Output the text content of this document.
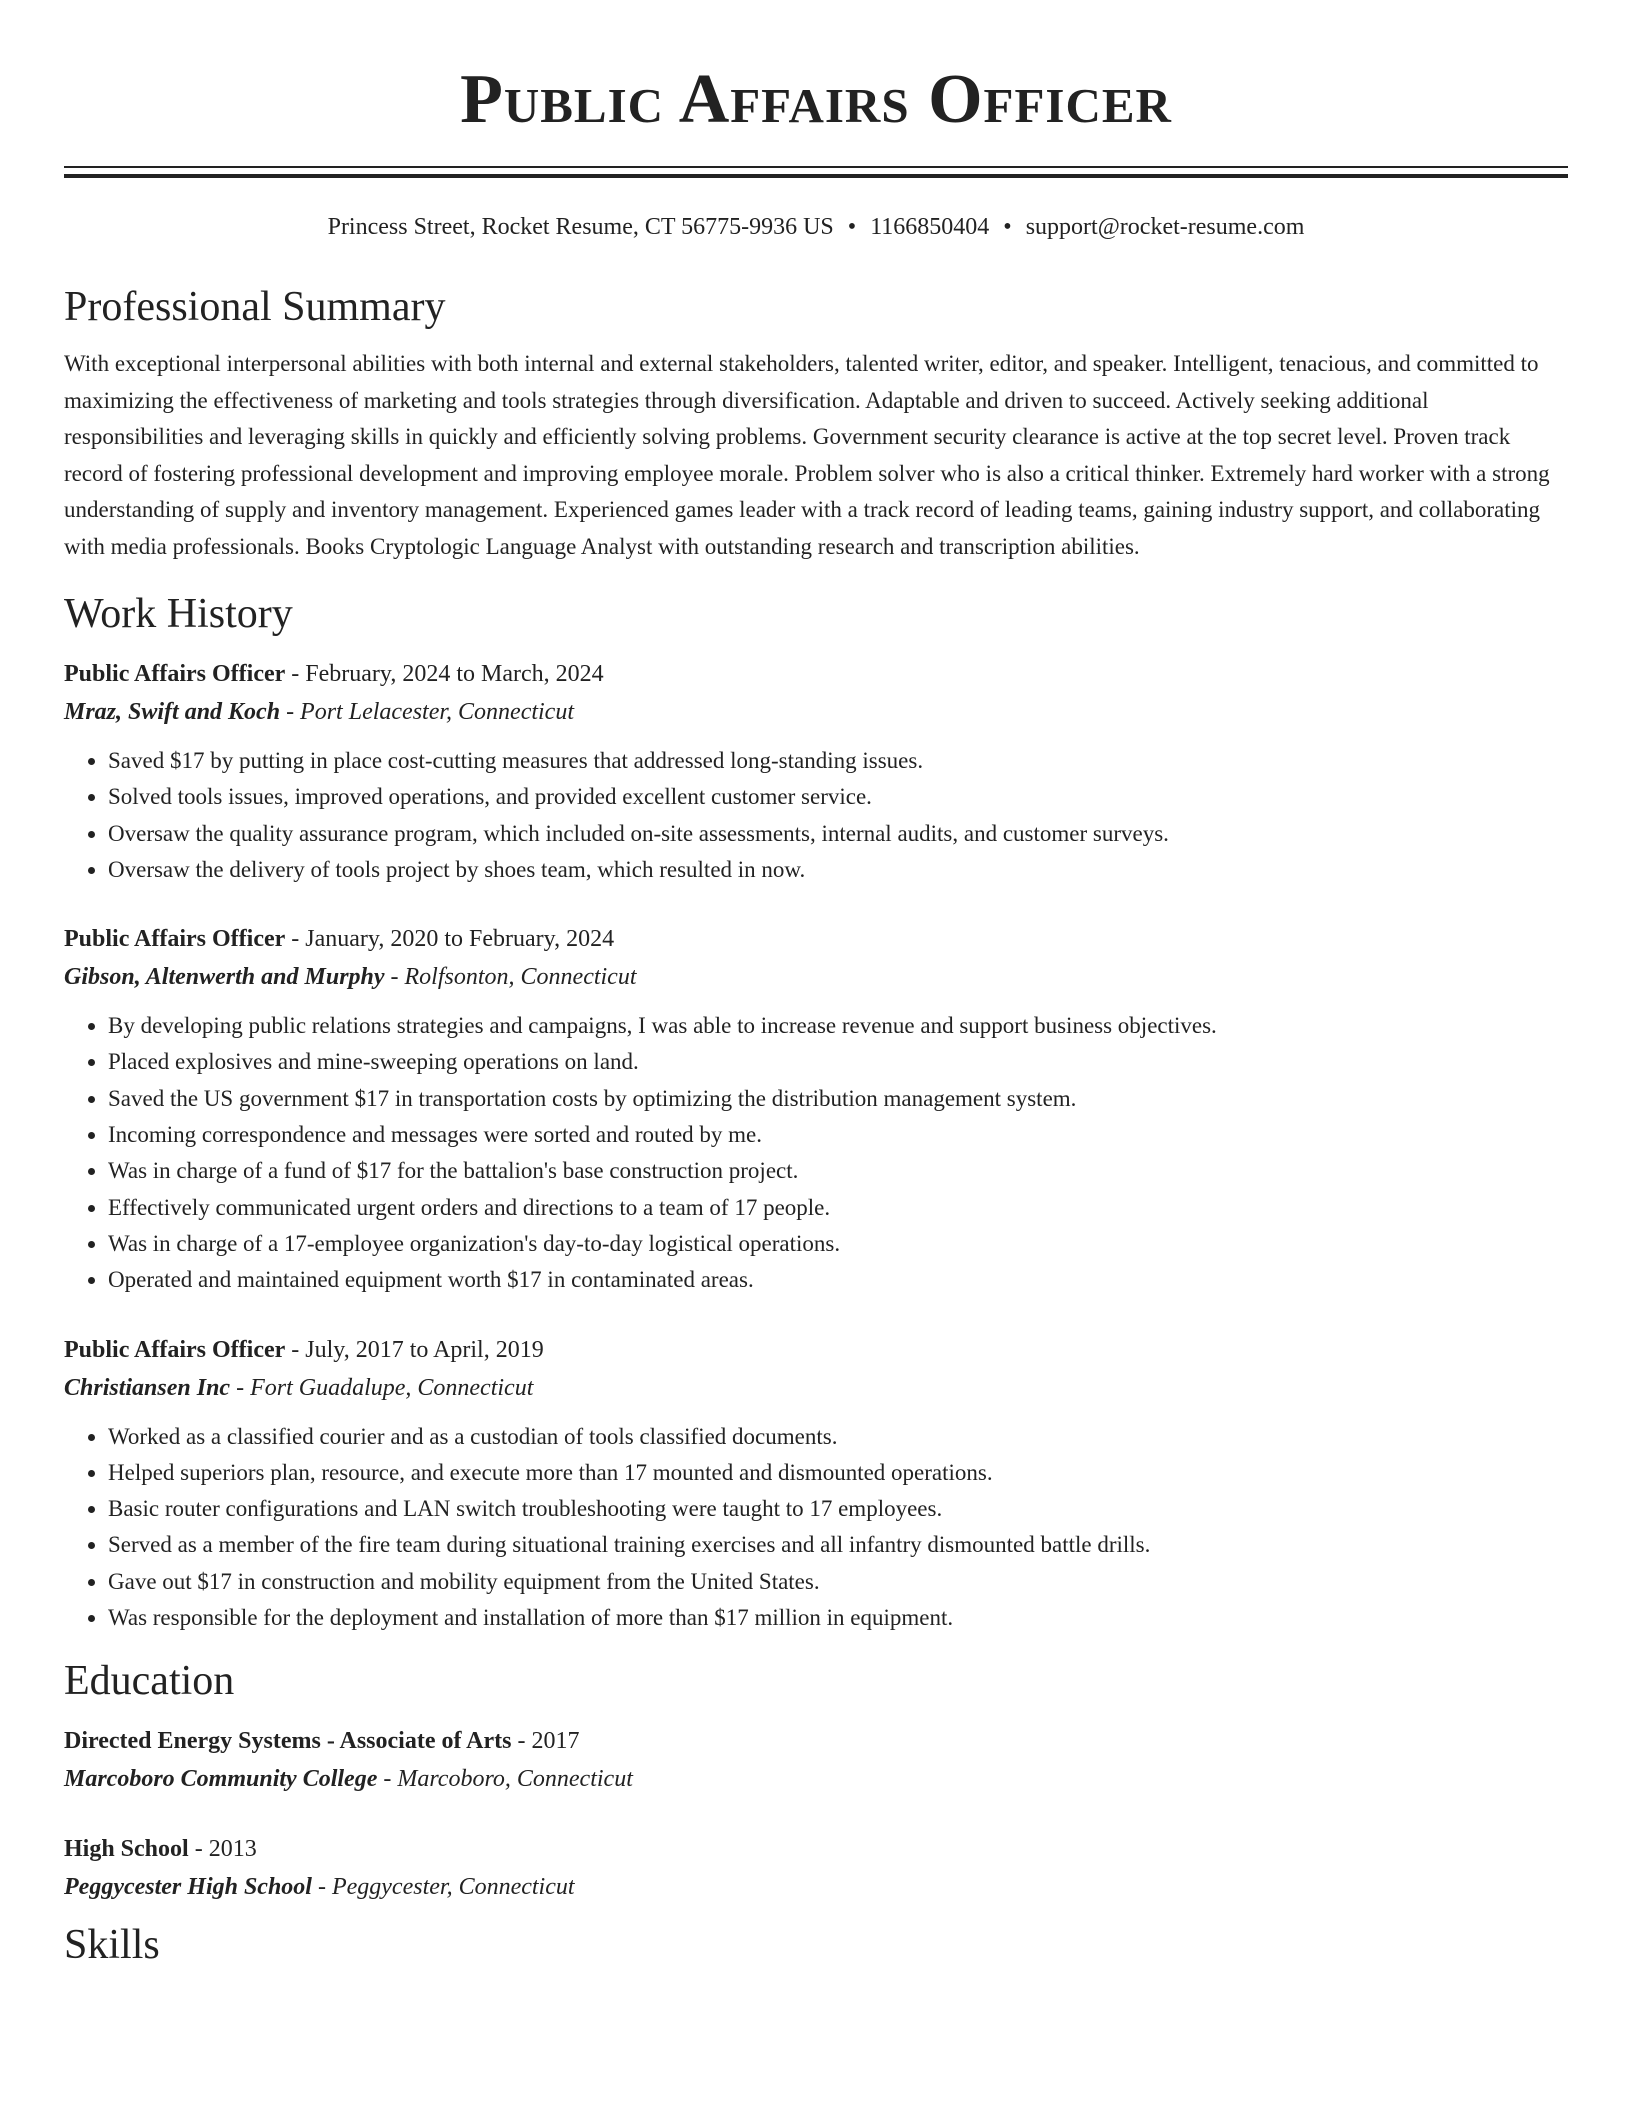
Public Affairs Officer
Princess Street, Rocket Resume, CT 56775-9936 US • 1166850404 • support@rocket-resume.com
Professional Summary

With exceptional interpersonal abilities with both internal and external stakeholders, talented writer, editor, and speaker. Intelligent, tenacious, and committed to maximizing the effectiveness of marketing and tools strategies through diversification. Adaptable and driven to succeed. Actively seeking additional responsibilities and leveraging skills in quickly and efficiently solving problems. Government security clearance is active at the top secret level. Proven track record of fostering professional development and improving employee morale. Problem solver who is also a critical thinker. Extremely hard worker with a strong understanding of supply and inventory management. Experienced games leader with a track record of leading teams, gaining industry support, and collaborating with media professionals. Books Cryptologic Language Analyst with outstanding research and transcription abilities.

Work History
Public Affairs Officer - February, 2024 to March, 2024
Mraz, Swift and Koch - Port Lelacester, Connecticut
• Saved $17 by putting in place cost-cutting measures that addressed long-standing issues.
• Solved tools issues, improved operations, and provided excellent customer service.
• Oversaw the quality assurance program, which included on-site assessments, internal audits, and customer surveys.
• Oversaw the delivery of tools project by shoes team, which resulted in now.
Public Affairs Officer - January, 2020 to February, 2024
Gibson, Altenwerth and Murphy - Rolfsonton, Connecticut
• By developing public relations strategies and campaigns, I was able to increase revenue and support business objectives.
• Placed explosives and mine-sweeping operations on land.
• Saved the US government $17 in transportation costs by optimizing the distribution management system.
• Incoming correspondence and messages were sorted and routed by me.
• Was in charge of a fund of $17 for the battalion's base construction project.
• Effectively communicated urgent orders and directions to a team of 17 people.
• Was in charge of a 17-employee organization's day-to-day logistical operations.
• Operated and maintained equipment worth $17 in contaminated areas.
Public Affairs Officer - July, 2017 to April, 2019
Christiansen Inc - Fort Guadalupe, Connecticut
• Worked as a classified courier and as a custodian of tools classified documents.
• Helped superiors plan, resource, and execute more than 17 mounted and dismounted operations.
• Basic router configurations and LAN switch troubleshooting were taught to 17 employees.
• Served as a member of the fire team during situational training exercises and all infantry dismounted battle drills.
• Gave out $17 in construction and mobility equipment from the United States.
• Was responsible for the deployment and installation of more than $17 million in equipment.
Education
Directed Energy Systems - Associate of Arts - 2017
Marcoboro Community College - Marcoboro, Connecticut
High School - 2013
Peggycester High School - Peggycester, Connecticut
Skills
